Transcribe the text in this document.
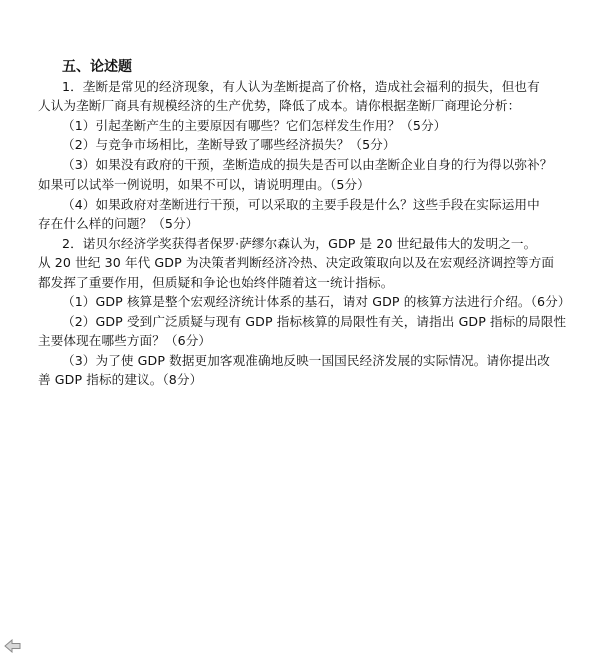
五、论述题
1．垄断是常见的经济现象，有人认为垄断提高了价格，造成社会福利的损失，但也有
人认为垄断厂商具有规模经济的生产优势，降低了成本。请你根据垄断厂商理论分析：
（1）引起垄断产生的主要原因有哪些？它们怎样发生作用？（5分）
（2）与竞争市场相比，垄断导致了哪些经济损失？（5分）
（3）如果没有政府的干预，垄断造成的损失是否可以由垄断企业自身的行为得以弥补？
如果可以试举一例说明，如果不可以，请说明理由。（5分）
（4）如果政府对垄断进行干预，可以采取的主要手段是什么？这些手段在实际运用中
存在什么样的问题？（5分）
2．诺贝尔经济学奖获得者保罗·萨缪尔森认为，GDP 是 20 世纪最伟大的发明之一。
从 20 世纪 30 年代 GDP 为决策者判断经济冷热、决定政策取向以及在宏观经济调控等方面
都发挥了重要作用，但质疑和争论也始终伴随着这一统计指标。
（1）GDP 核算是整个宏观经济统计体系的基石，请对 GDP 的核算方法进行介绍。（6分）
（2）GDP 受到广泛质疑与现有 GDP 指标核算的局限性有关，请指出 GDP 指标的局限性
主要体现在哪些方面？（6分）
（3）为了使 GDP 数据更加客观准确地反映一国国民经济发展的实际情况。请你提出改
善 GDP 指标的建议。（8分）
